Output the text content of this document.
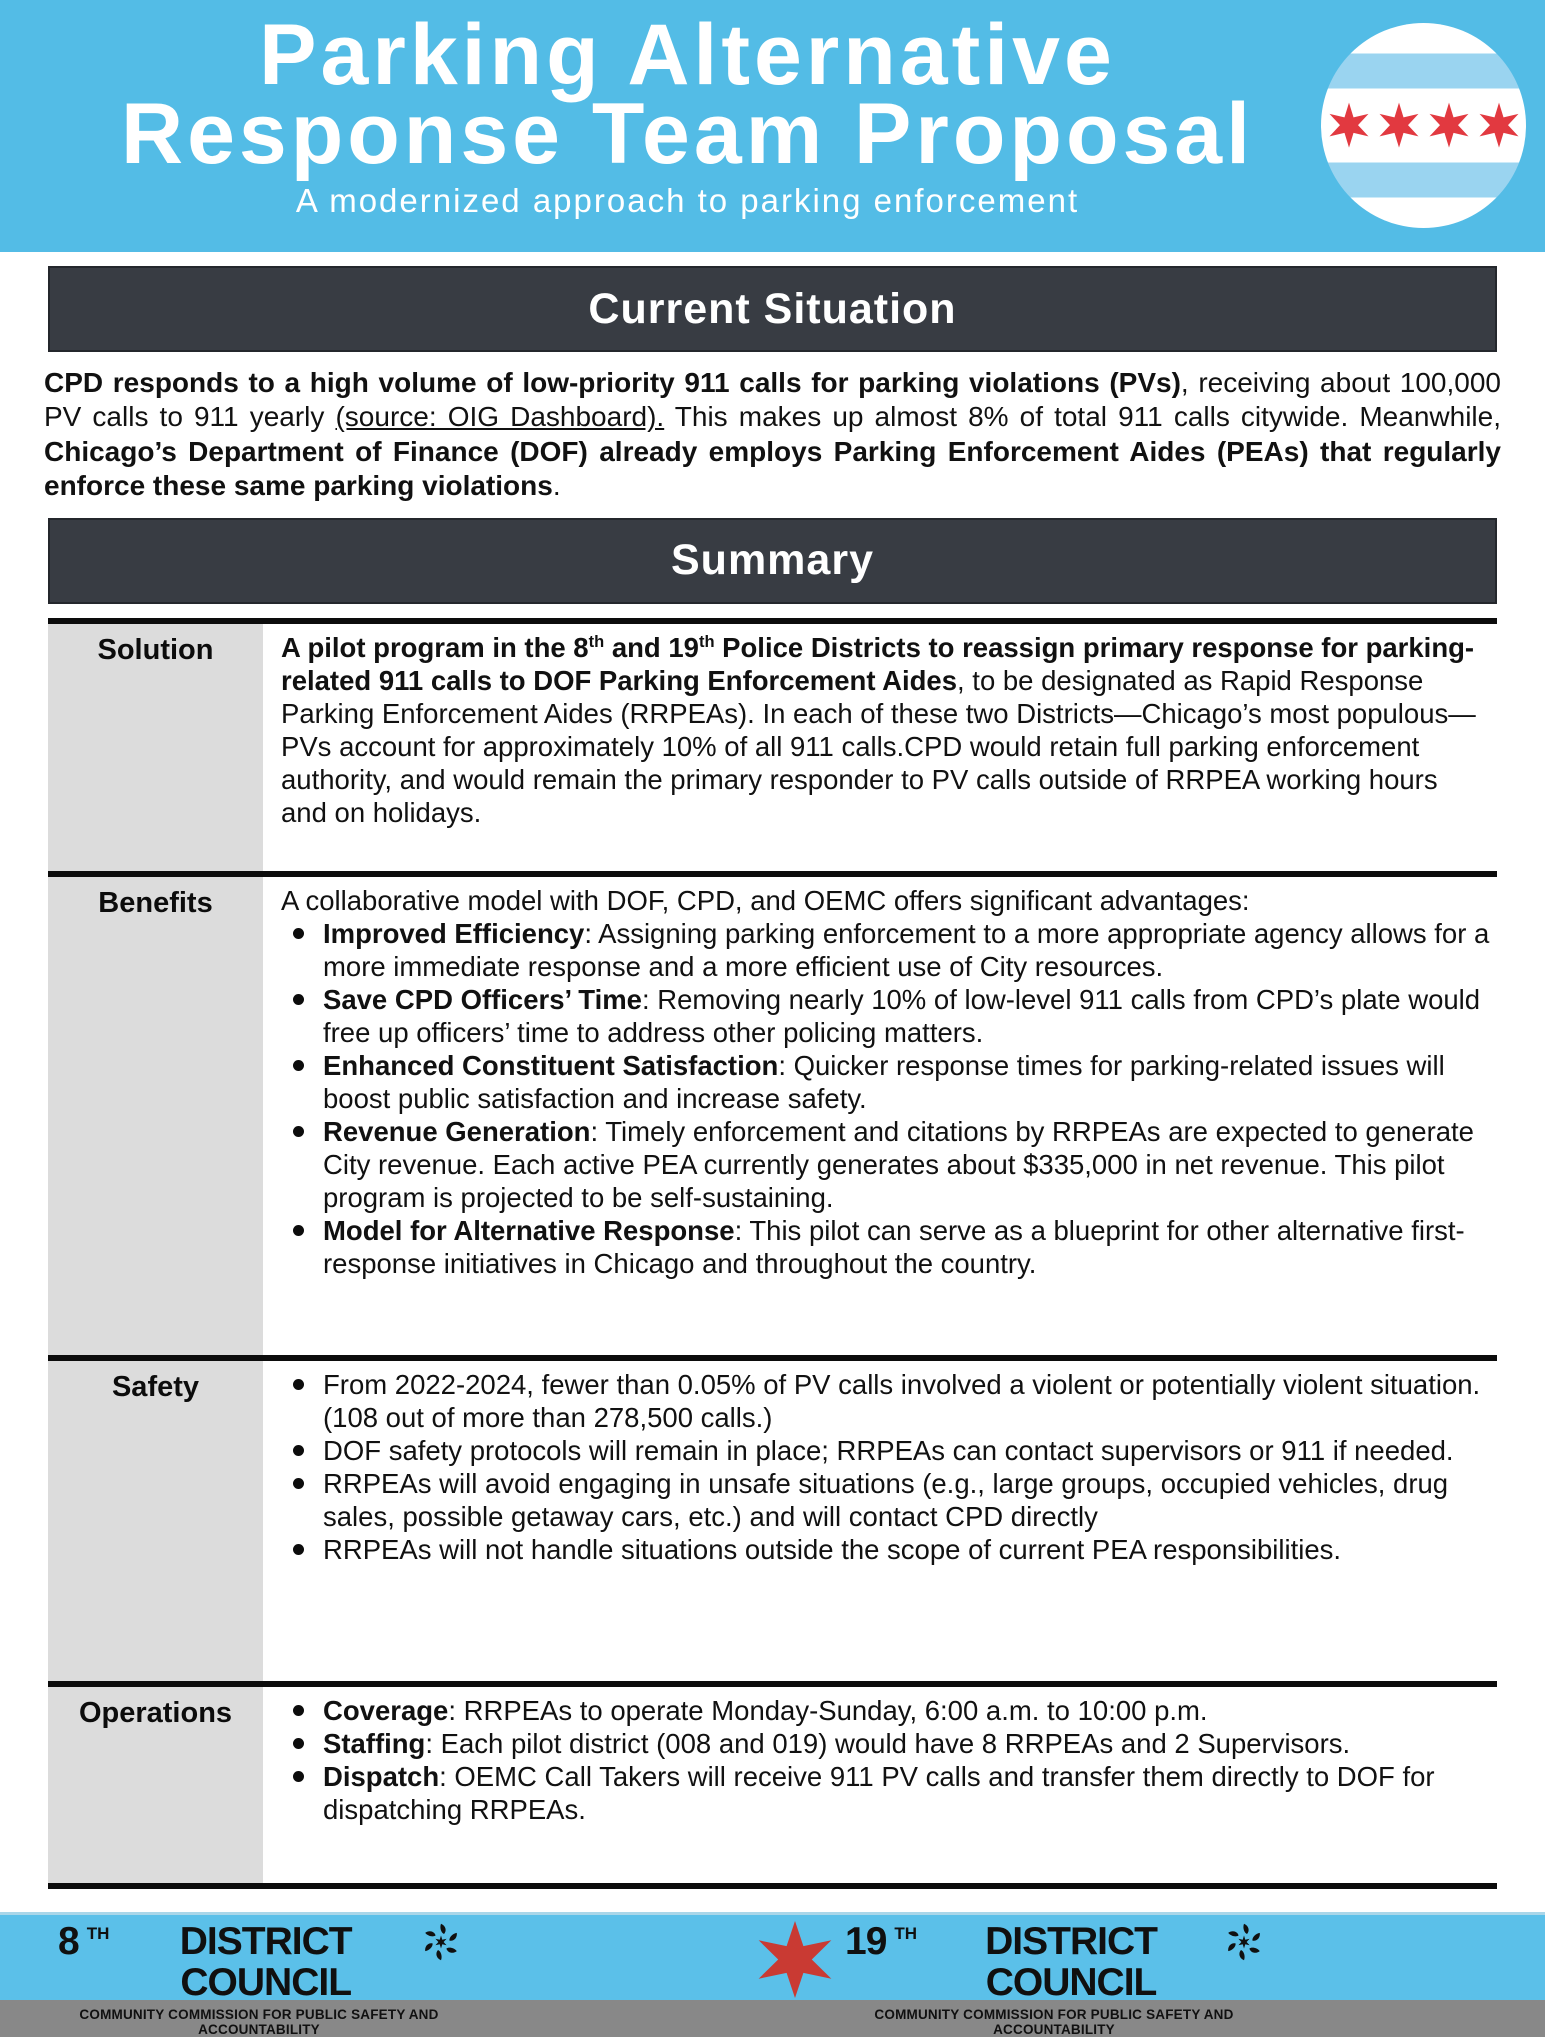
Parking Alternative
Response Team Proposal
A modernized approach to parking enforcement
Current Situation

CPD responds to a high volume of low-priority 911 calls for parking violations (PVs), receiving about 100,000 PV calls to 911 yearly (source: OIG Dashboard). This makes up almost 8% of total 911 calls citywide. Meanwhile, Chicago’s Department of Finance (DOF) already employs Parking Enforcement Aides (PEAs) that regularly enforce these same parking violations.

Summary
Solution	A pilot program in the 8th and 19th Police Districts to reassign primary response for parking-related 911 calls to DOF Parking Enforcement Aides, to be designated as Rapid Response Parking Enforcement Aides (RRPEAs). In each of these two Districts—Chicago’s most populous—PVs account for approximately 10% of all 911 calls.CPD would retain full parking enforcement authority, and would remain the primary responder to PV calls outside of RRPEA working hours and on holidays.

Benefits	A collaborative model with DOF, CPD, and OEMC offers significant advantages:

Improved Efficiency: Assigning parking enforcement to a more appropriate agency allows for a more immediate response and a more efficient use of City resources.
Save CPD Officers’ Time: Removing nearly 10% of low-level 911 calls from CPD’s plate would free up officers’ time to address other policing matters.
Enhanced Constituent Satisfaction: Quicker response times for parking-related issues will boost public satisfaction and increase safety.
Revenue Generation: Timely enforcement and citations by RRPEAs are expected to generate City revenue. Each active PEA currently generates about $335,000 in net revenue. This pilot program is projected to be self-sustaining.
Model for Alternative Response: This pilot can serve as a blueprint for other alternative first-response initiatives in Chicago and throughout the country.
Safety	From 2022-2024, fewer than 0.05% of PV calls involved a violent or potentially violent situation. (108 out of more than 278,500 calls.)
DOF safety protocols will remain in place; RRPEAs can contact supervisors or 911 if needed.
RRPEAs will avoid engaging in unsafe situations (e.g., large groups, occupied vehicles, drug sales, possible getaway cars, etc.) and will contact CPD directly
RRPEAs will not handle situations outside the scope of current PEA responsibilities.
Operations	Coverage: RRPEAs to operate Monday-Sunday, 6:00 a.m. to 10:00 p.m.
Staffing: Each pilot district (008 and 019) would have 8 RRPEAs and 2 Supervisors.
Dispatch: OEMC Call Takers will receive 911 PV calls and transfer them directly to DOF for dispatching RRPEAs.
8 TH	DISTRICT COUNCIL
COMMUNITY COMMISSION FOR PUBLIC SAFETY AND ACCOUNTABILITY
19 TH	DISTRICT COUNCIL
COMMUNITY COMMISSION FOR PUBLIC SAFETY AND ACCOUNTABILITY
